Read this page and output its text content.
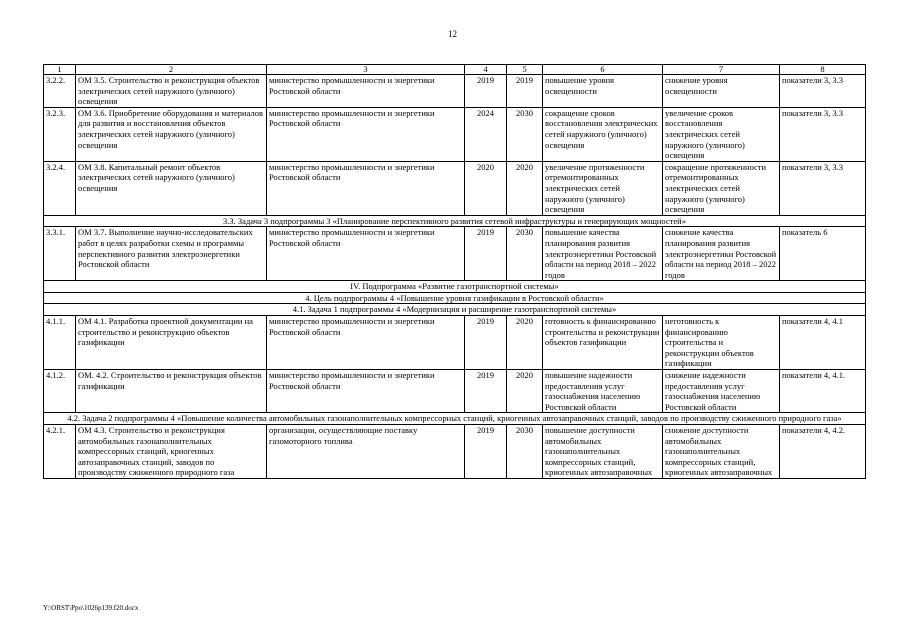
12
1	2	3	4	5	6	7	8
3.2.2.	ОМ 3.5. Строительство и реконструкция объектов электрических сетей наружного (уличного) освещения	министерство промышленности и энергетики Ростовской области	2019	2019	повышение уровня освещенности	снижение уровня освещенности	показатели 3, 3.3
3.2.3.	ОМ 3.6. Приобретение оборудования и материалов для развития и восстановления объектов электрических сетей наружного (уличного) освещения	министерство промышленности и энергетики Ростовской области	2024	2030	сокращение сроков восстановления электрических сетей наружного (уличного) освещения	увеличение сроков восстановления электрических сетей наружного (уличного) освещения	показатели 3, 3.3
3.2.4.	ОМ 3.8. Капитальный ремонт объектов электрических сетей наружного (уличного) освещения	министерство промышленности и энергетики Ростовской области	2020	2020	увеличение протяженности отремонтированных электрических сетей наружного (уличного) освещения	сокращение протяженности отремонтированных электрических сетей наружного (уличного) освещения	показатели 3, 3.3
3.3. Задача 3 подпрограммы 3 «Планирование перспективного развития сетевой инфраструктуры и генерирующих мощностей»							
3.3.1.	ОМ 3.7. Выполнение научно-исследовательских работ в целях разработки схемы и программы перспективного развития электроэнергетики Ростовской области	министерство промышленности и энергетики Ростовской области	2019	2030	повышение качества планирования развития электроэнергетики Ростовской области на период 2018 – 2022 годов	снижение качества планирования развития электроэнергетики Ростовской области на период 2018 – 2022 годов	показатель 6
IV. Подпрограмма «Развитие газотранспортной системы»							
4. Цель подпрограммы 4 «Повышение уровня газификации в Ростовской области»							
4.1. Задача 1 подпрограммы 4 «Модернизация и расширение газотранспортной системы»							
4.1.1.	ОМ 4.1. Разработка проектной документации на строительство и реконструкцию объектов газификации	министерство промышленности и энергетики Ростовской области	2019	2020	готовность к финансированию строительства и реконструкции объектов газификации	неготовность к финансированию строительства и реконструкции объектов газификации	показатели 4, 4.1
4.1.2.	ОМ. 4.2. Строительство и реконструкция объектов газификации	министерство промышленности и энергетики Ростовской области	2019	2020	повышение надежности предоставления услуг газоснабжения населению Ростовской области	снижение надежности предоставления услуг газоснабжения населению Ростовской области	показатели 4, 4.1.
4.2. Задача 2 подпрограммы 4 «Повышение количества автомобильных газонаполнительных компрессорных станций, криогенных автозаправочных станций, заводов по производству сжиженного природного газа»							
4.2.1.	ОМ 4.3. Строительство и реконструкция автомобильных газонаполнительных компрессорных станций, криогенных автозаправочных станций, заводов по производству сжиженного природного газа	организации, осуществляющие поставку газомоторного топлива	2019	2030	повышение доступности автомобильных газонаполнительных компрессорных станций, криогенных автозаправочных	снижение доступности автомобильных газонаполнительных компрессорных станций, криогенных автозаправочных	показатели 4, 4.2.
Y:\ORST\Ppo\1026p139.f20.docx
